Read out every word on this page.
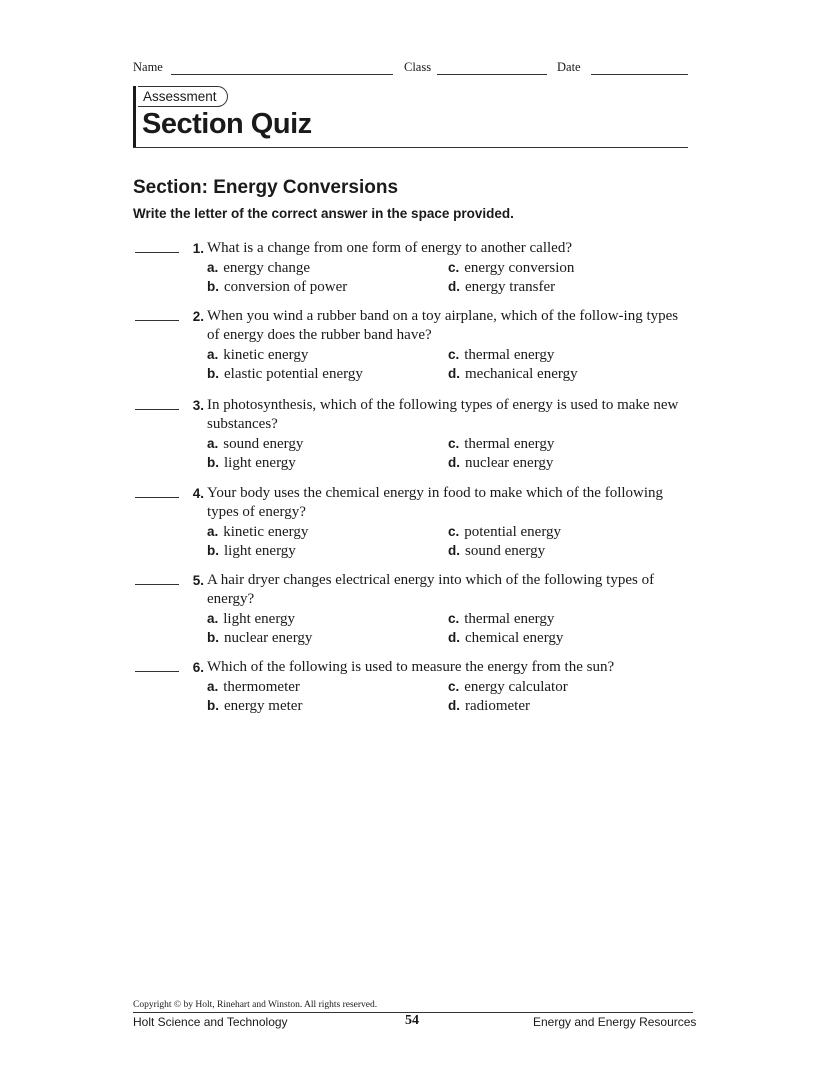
Name	Class	Date
Assessment
Section Quiz
Section: Energy Conversions
Write the letter of the correct answer in the space provided.
1. What is a change from one form of energy to another called?
a. energy change
b. conversion of power
c. energy conversion
d. energy transfer
2. When you wind a rubber band on a toy airplane, which of the follow-ing types of energy does the rubber band have?
a. kinetic energy
b. elastic potential energy
c. thermal energy
d. mechanical energy
3. In photosynthesis, which of the following types of energy is used to make new substances?
a. sound energy
b. light energy
c. thermal energy
d. nuclear energy
4. Your body uses the chemical energy in food to make which of the following types of energy?
a. kinetic energy
b. light energy
c. potential energy
d. sound energy
5. A hair dryer changes electrical energy into which of the following types of energy?
a. light energy
b. nuclear energy
c. thermal energy
d. chemical energy
6. Which of the following is used to measure the energy from the sun?
a. thermometer
b. energy meter
c. energy calculator
d. radiometer
Copyright © by Holt, Rinehart and Winston. All rights reserved.
Holt Science and Technology	54	Energy and Energy Resources
